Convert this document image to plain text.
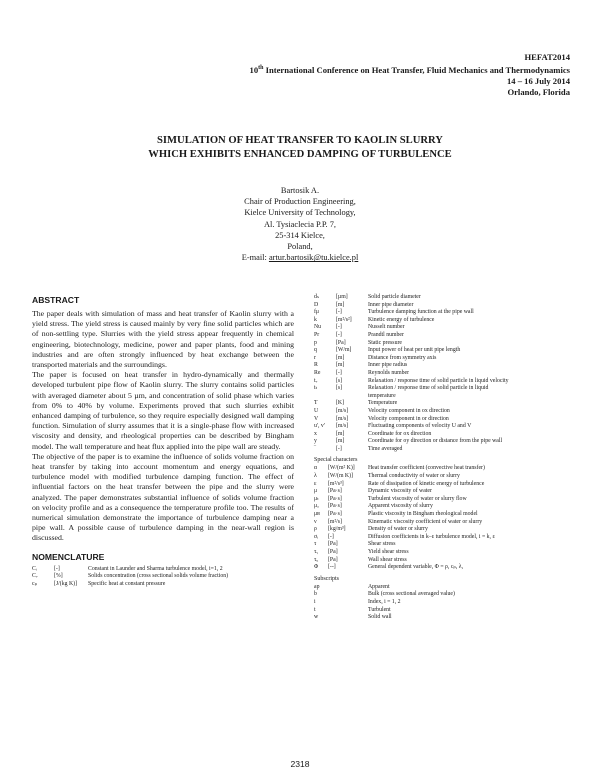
HEFAT2014
10th International Conference on Heat Transfer, Fluid Mechanics and Thermodynamics
14 – 16 July 2014
Orlando, Florida
SIMULATION OF HEAT TRANSFER TO KAOLIN SLURRY
WHICH EXHIBITS ENHANCED DAMPING OF TURBULENCE
Bartosik A.
Chair of Production Engineering,
Kielce University of Technology,
Al. Tysiaclecia P.P. 7,
25-314 Kielce,
Poland,
E-mail: artur.bartosik@tu.kielce.pl
ABSTRACT

The paper deals with simulation of mass and heat transfer of Kaolin slurry with a yield stress. The yield stress is caused mainly by very fine solid particles which are of non-settling type. Slurries with the yield stress appear frequently in chemical engineering, biotechnology, medicine, power and paper plants, food and mining industries and are often strongly influenced by heat exchange between the transported materials and the surroundings.

The paper is focused on heat transfer in hydro-dynamically and thermally developed turbulent pipe flow of Kaolin slurry. The slurry contains solid particles with averaged diameter about 5 µm, and concentration of solid phase which varies from 0% to 40% by volume. Experiments proved that such slurries exhibit enhanced damping of turbulence, so they require especially designed wall damping function. Simulation of slurry assumes that it is a single-phase flow with increased viscosity and density, and rheological properties can be described by Bingham model. The wall temperature and heat flux applied into the pipe wall are steady.

The objective of the paper is to examine the influence of solids volume fraction on heat transfer by taking into account momentum and energy equations, and turbulence model with modified turbulence damping function. The effect of influential factors on the heat transfer between the pipe and the slurry were analyzed. The paper demonstrates substantial influence of solids volume fraction on velocity profile and as a consequence the temperature profile too. The results of numerical simulation demonstrate the importance of turbulence damping near a pipe wall. A possible cause of turbulence damping in the near-wall region is discussed.

NOMENCLATURE
Cᵢ	[-]	Constant in Launder and Sharma turbulence model, i=1, 2
Cᵥ	[%]	Solids concentration (cross sectional solids volume fraction)
cₚ	[J/(kg K)]	Specific heat at constant pressure
dₛ	[µm]	Solid particle diameter
D	[m]	Inner pipe diameter
fμ	[-]	Turbulence damping function at the pipe wall
k	[m²/s²]	Kinetic energy of turbulence
Nu	[-]	Nusselt number
Pr	[-]	Prandtl number
p	[Pa]	Static pressure
q	[W/m]	Input power of heat per unit pipe length
r	[m]	Distance from symmetry axis
R	[m]	Inner pipe radius
Re	[-]	Reynolds number
tᵥ	[s]	Relaxation / response time of solid particle in liquid velocity
tₜ	[s]	Relaxation / response time of solid particle in liquid
		temperature
T	[K]	Temperature
U	[m/s]	Velocity component in ox direction
V	[m/s]	Velocity component in or direction
u', v'	[m/s]	Fluctuating components of velocity U and V
x	[m]	Coordinate for ox direction
y	[m]	Coordinate for oy direction or distance from the pipe wall
‾	[-]	Time averaged
Special characters
α	[W/(m² K)]	Heat transfer coefficient (convective heat transfer)
λ	[W/(m K)]	Thermal conductivity of water or slurry
ε	[m²/s³]	Rate of dissipation of kinetic energy of turbulence
μ	[Pa·s]	Dynamic viscosity of water
μₜ	[Pa·s]	Turbulent viscosity of water or slurry flow
μₐ	[Pa·s]	Apparent viscosity of slurry
μʙ	[Pa·s]	Plastic viscosity in Bingham rheological model
ν	[m²/s]	Kinematic viscosity coefficient of water or slurry
ρ	[kg/m³]	Density of water or slurry
σᵢ	[-]	Diffusion coefficients in k–ε turbulence model, i = k, ε
τ	[Pa]	Shear stress
τᵧ	[Pa]	Yield shear stress
τᵤ	[Pa]	Wall shear stress
Φ	[--]	General dependent variable, Φ = ρ, cₚ, λ,
Subscripts
ap	Apparent
b	Bulk (cross sectional averaged value)
i	Index, i = 1, 2
t	Turbulent
w	Solid wall
2318
